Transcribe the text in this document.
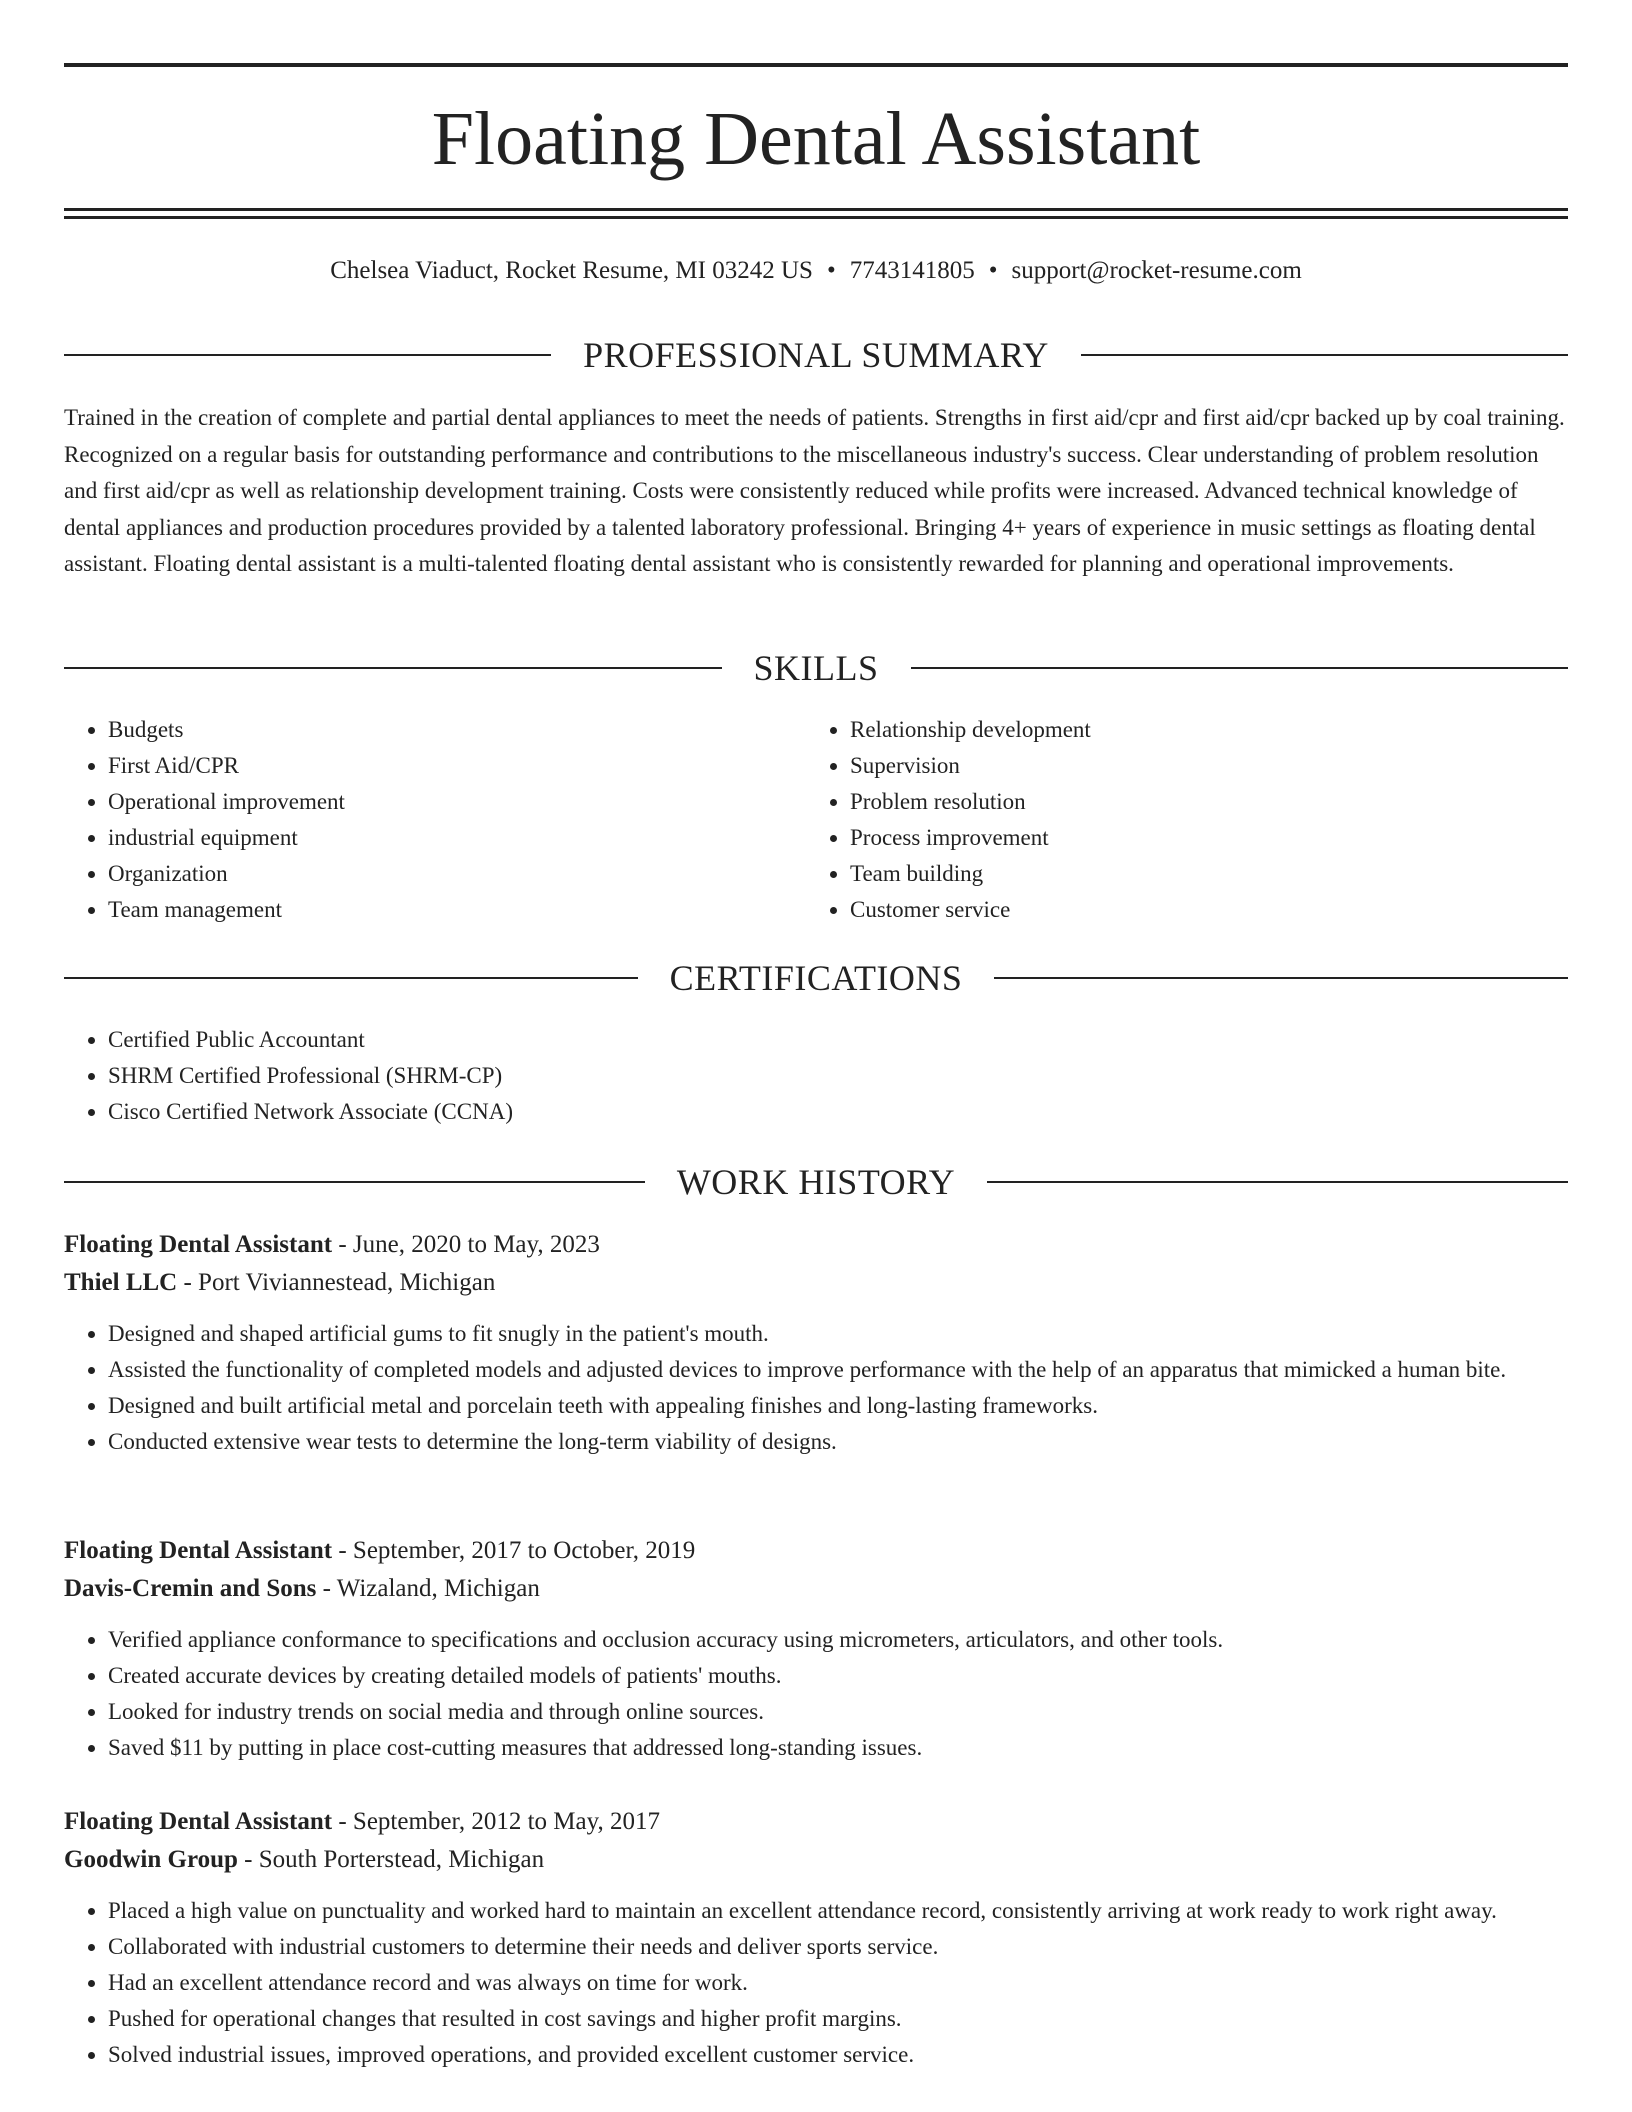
Floating Dental Assistant
Chelsea Viaduct, Rocket Resume, MI 03242 US • 7743141805 • support@rocket-resume.com
PROFESSIONAL SUMMARY

Trained in the creation of complete and partial dental appliances to meet the needs of patients. Strengths in first aid/cpr and first aid/cpr backed up by coal training. Recognized on a regular basis for outstanding performance and contributions to the miscellaneous industry's success. Clear understanding of problem resolution and first aid/cpr as well as relationship development training. Costs were consistently reduced while profits were increased. Advanced technical knowledge of dental appliances and production procedures provided by a talented laboratory professional. Bringing 4+ years of experience in music settings as floating dental assistant. Floating dental assistant is a multi-talented floating dental assistant who is consistently rewarded for planning and operational improvements.

SKILLS
• Budgets
• First Aid/CPR
• Operational improvement
• industrial equipment
• Organization
• Team management
• Relationship development
• Supervision
• Problem resolution
• Process improvement
• Team building
• Customer service
CERTIFICATIONS
• Certified Public Accountant
• SHRM Certified Professional (SHRM-CP)
• Cisco Certified Network Associate (CCNA)
WORK HISTORY
Floating Dental Assistant - June, 2020 to May, 2023
Thiel LLC - Port Viviannestead, Michigan
• Designed and shaped artificial gums to fit snugly in the patient's mouth.
• Assisted the functionality of completed models and adjusted devices to improve performance with the help of an apparatus that mimicked a human bite.
• Designed and built artificial metal and porcelain teeth with appealing finishes and long-lasting frameworks.
• Conducted extensive wear tests to determine the long-term viability of designs.
Floating Dental Assistant - September, 2017 to October, 2019
Davis-Cremin and Sons - Wizaland, Michigan
• Verified appliance conformance to specifications and occlusion accuracy using micrometers, articulators, and other tools.
• Created accurate devices by creating detailed models of patients' mouths.
• Looked for industry trends on social media and through online sources.
• Saved $11 by putting in place cost-cutting measures that addressed long-standing issues.
Floating Dental Assistant - September, 2012 to May, 2017
Goodwin Group - South Porterstead, Michigan
• Placed a high value on punctuality and worked hard to maintain an excellent attendance record, consistently arriving at work ready to work right away.
• Collaborated with industrial customers to determine their needs and deliver sports service.
• Had an excellent attendance record and was always on time for work.
• Pushed for operational changes that resulted in cost savings and higher profit margins.
• Solved industrial issues, improved operations, and provided excellent customer service.
